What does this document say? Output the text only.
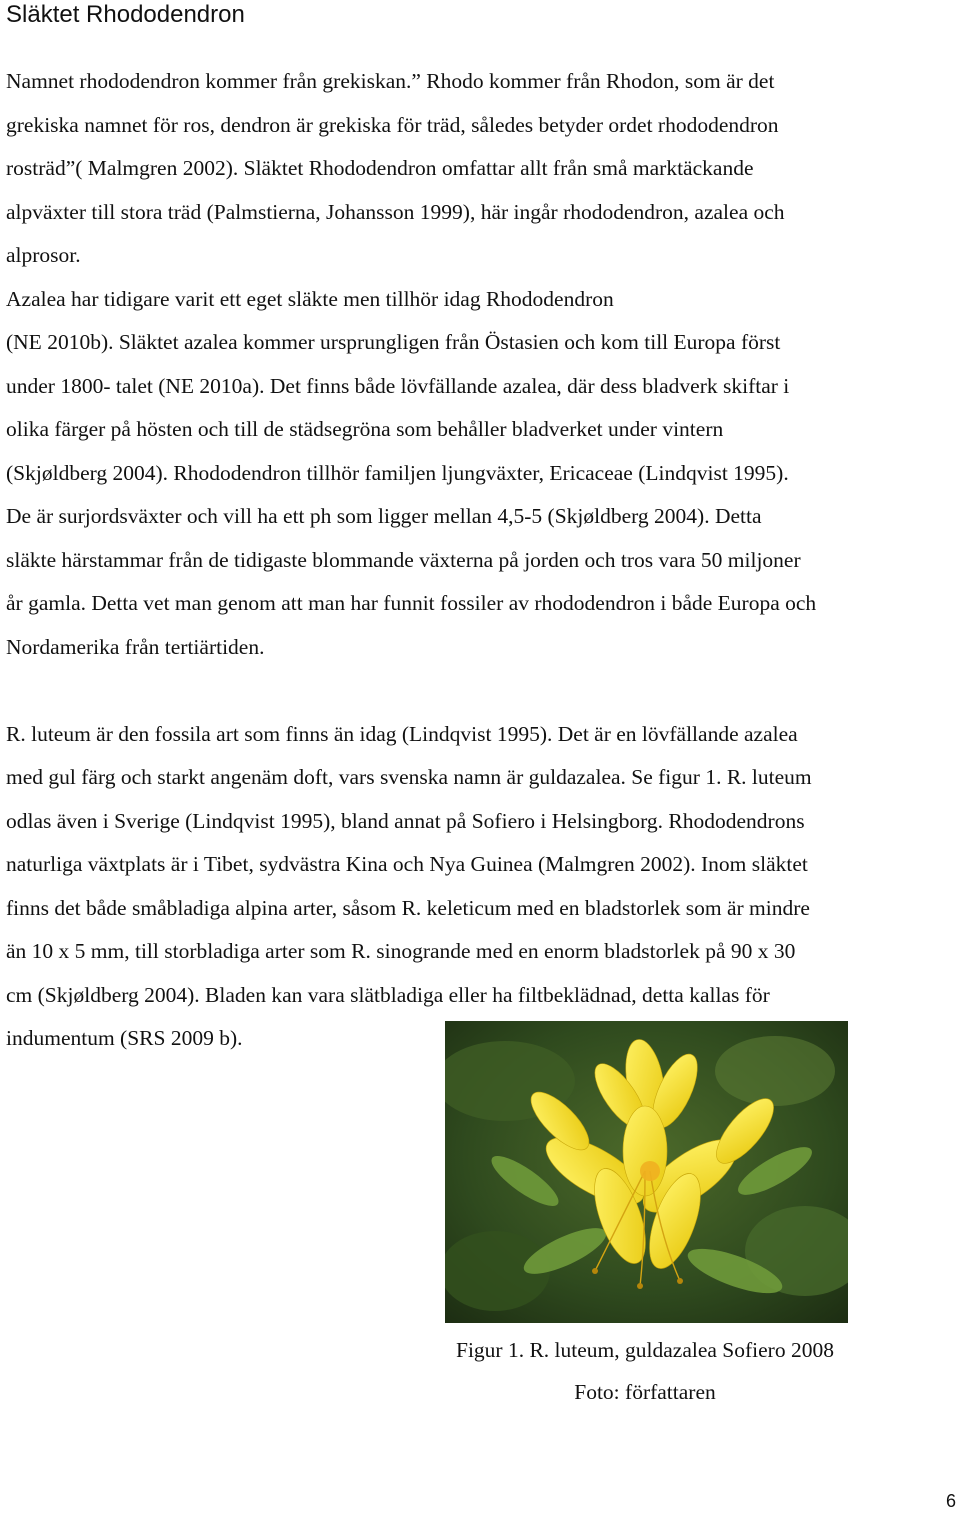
Släktet Rhododendron
Namnet rhododendron kommer från grekiskan.” Rhodo kommer från Rhodon, som är det
grekiska namnet för ros, dendron är grekiska för träd, således betyder ordet rhododendron
rosträd”( Malmgren 2002). Släktet Rhododendron omfattar allt från små marktäckande
alpväxter till stora träd (Palmstierna, Johansson 1999), här ingår rhododendron, azalea och
alprosor.
Azalea har tidigare varit ett eget släkte men tillhör idag Rhododendron
(NE 2010b). Släktet azalea kommer ursprungligen från Östasien och kom till Europa först
under 1800- talet (NE 2010a). Det finns både lövfällande azalea, där dess bladverk skiftar i
olika färger på hösten och till de städsegröna som behåller bladverket under vintern
(Skjøldberg 2004). Rhododendron tillhör familjen ljungväxter, Ericaceae (Lindqvist 1995).
De är surjordsväxter och vill ha ett ph som ligger mellan 4,5-5 (Skjøldberg 2004). Detta
släkte härstammar från de tidigaste blommande växterna på jorden och tros vara 50 miljoner
år gamla. Detta vet man genom att man har funnit fossiler av rhododendron i både Europa och
Nordamerika från tertiärtiden.
R. luteum är den fossila art som finns än idag (Lindqvist 1995). Det är en lövfällande azalea
med gul färg och starkt angenäm doft, vars svenska namn är guldazalea. Se figur 1. R. luteum
odlas även i Sverige (Lindqvist 1995), bland annat på Sofiero i Helsingborg. Rhododendrons
naturliga växtplats är i Tibet, sydvästra Kina och Nya Guinea (Malmgren 2002). Inom släktet
finns det både småbladiga alpina arter, såsom R. keleticum med en bladstorlek som är mindre
än 10 x 5 mm, till storbladiga arter som R. sinogrande med en enorm bladstorlek på 90 x 30
cm (Skjøldberg 2004). Bladen kan vara slätbladiga eller ha filtbeklädnad, detta kallas för
indumentum (SRS 2009 b).
Figur 1. R. luteum, guldazalea Sofiero 2008
Foto: författaren
6
